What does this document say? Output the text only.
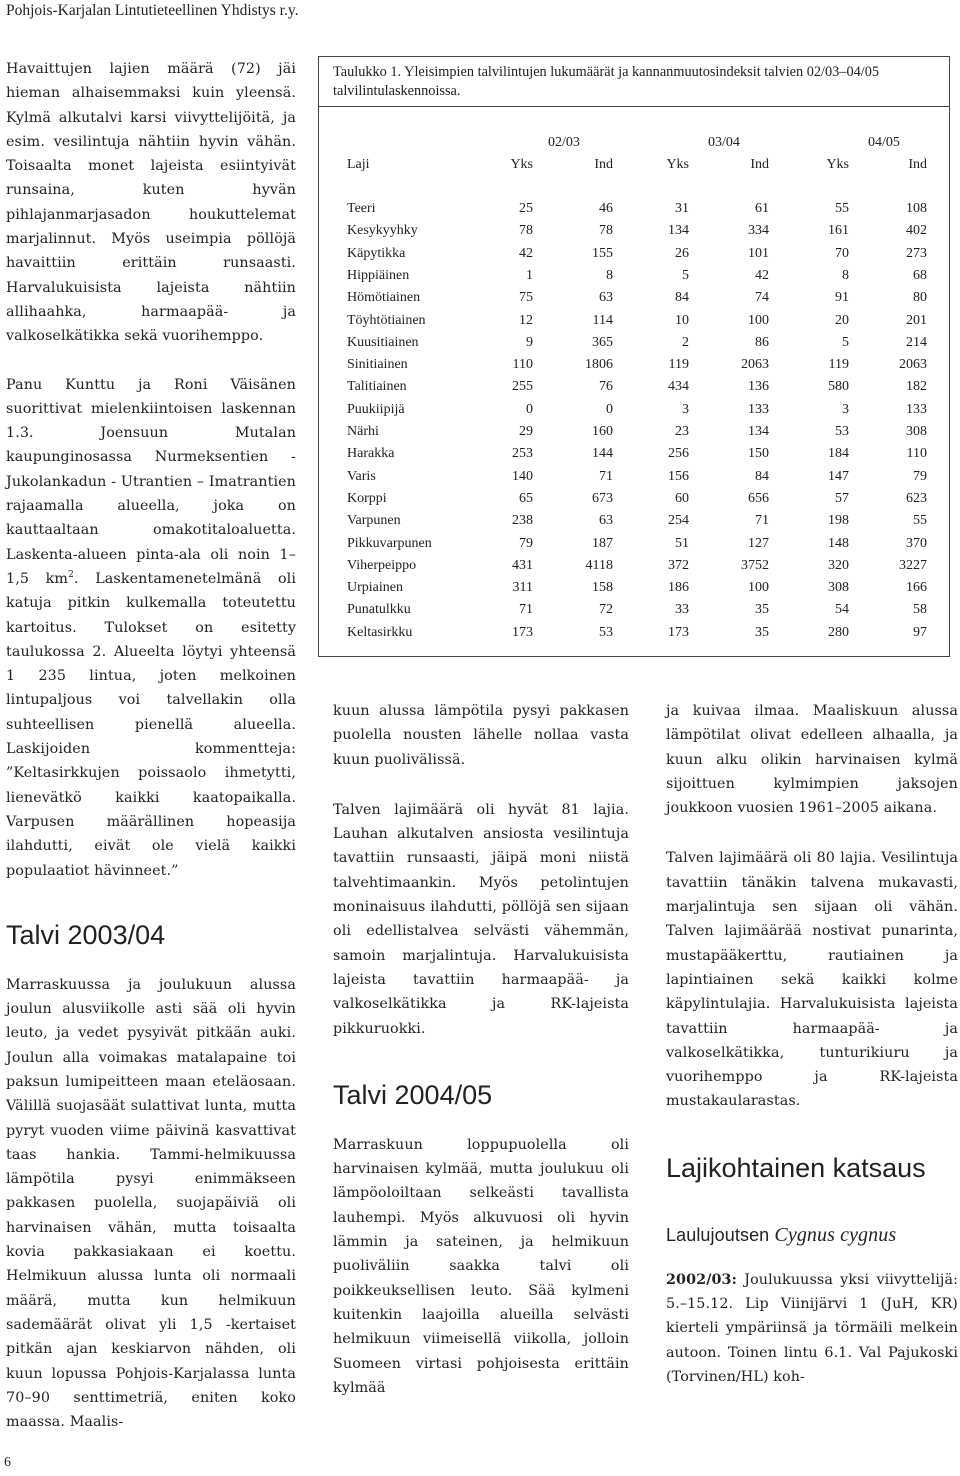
Pohjois-Karjalan Lintutieteellinen Yhdistys r.y.

Havaittujen lajien määrä (72) jäi hieman alhaisemmaksi kuin yleensä. Kylmä alkutalvi karsi viivyttelijöitä, ja esim. vesilintuja nähtiin hyvin vähän. Toisaalta monet lajeista esiintyivät runsaina, kuten hyvän pihlajanmarjasadon houkuttelemat marjalinnut. Myös useimpia pöllöjä havaittiin erittäin runsaasti. Harvalukuisista lajeista nähtiin allihaahka, harmaapää- ja valkoselkätikka sekä vuorihemppo.

Panu Kunttu ja Roni Väisänen suorittivat mielenkiintoisen laskennan 1.3. Joensuun Mutalan kaupunginosassa Nurmeksentien - Jukolankadun - Utrantien – Imatrantien rajaamalla alueella, joka on kauttaaltaan omakotitaloaluetta. Laskenta-alueen pinta-ala oli noin 1–1,5 $km^2$. Laskentamenetelmänä oli katuja pitkin kulkemalla toteutettu kartoitus. Tulokset on esitetty taulukossa 2. Alueelta löytyi yhteensä 1 235 lintua, joten melkoinen lintupaljous voi talvellakin olla suhteellisen pienellä alueella. Laskijoiden kommentteja: ”Keltasirkkujen poissaolo ihmetytti, lienevätkö kaikki kaatopaikalla. Varpusen määrällinen hopeasija ilahdutti, eivät ole vielä kaikki populaatiot hävinneet.”

Talvi 2003/04

Marraskuussa ja joulukuun alussa joulun alusviikolle asti sää oli hyvin leuto, ja vedet pysyivät pitkään auki. Joulun alla voimakas matalapaine toi paksun lumipeitteen maan eteläosaan. Välillä suojasäät sulattivat lunta, mutta pyryt vuoden viime päivinä kasvattivat taas hankia. Tammi-helmikuussa lämpötila pysyi enimmäkseen pakkasen puolella, suojapäiviä oli harvinaisen vähän, mutta toisaalta kovia pakkasiakaan ei koettu. Helmikuun alussa lunta oli normaali määrä, mutta kun helmikuun sademäärät olivat yli 1,5 -kertaiset pitkän ajan keskiarvon nähden, oli kuun lopussa Pohjois-Karjalassa lunta 70–90 senttimetriä, eniten koko maassa. Maalis-

Taulukko 1. Yleisimpien talvilintujen lukumäärät ja kannanmuutosindeksit talvien 02/03–04/05 talvilintulaskennoissa.
02/03	03/04	04/05
Laji	Yks	Ind	Yks	Ind	Yks	Ind
Teeri	25	46	31	61	55	108
Kesykyyhky	78	78	134	334	161	402
Käpytikka	42	155	26	101	70	273
Hippiäinen	1	8	5	42	8	68
Hömötiainen	75	63	84	74	91	80
Töyhtötiainen	12	114	10	100	20	201
Kuusitiainen	9	365	2	86	5	214
Sinitiainen	110	1806	119	2063	119	2063
Talitiainen	255	76	434	136	580	182
Puukiipijä	0	0	3	133	3	133
Närhi	29	160	23	134	53	308
Harakka	253	144	256	150	184	110
Varis	140	71	156	84	147	79
Korppi	65	673	60	656	57	623
Varpunen	238	63	254	71	198	55
Pikkuvarpunen	79	187	51	127	148	370
Viherpeippo	431	4118	372	3752	320	3227
Urpiainen	311	158	186	100	308	166
Punatulkku	71	72	33	35	54	58
Keltasirkku	173	53	173	35	280	97

kuun alussa lämpötila pysyi pakkasen puolella nousten lähelle nollaa vasta kuun puolivälissä.

Talven lajimäärä oli hyvät 81 lajia. Lauhan alkutalven ansiosta vesilintuja tavattiin runsaasti, jäipä moni niistä talvehtimaankin. Myös petolintujen moninaisuus ilahdutti, pöllöjä sen sijaan oli edellistalvea selvästi vähemmän, samoin marjalintuja. Harvalukuisista lajeista tavattiin harmaapää- ja valkoselkätikka ja RK-lajeista pikkuruokki.

Talvi 2004/05

Marraskuun loppupuolella oli harvinaisen kylmää, mutta joulukuu oli lämpöoloiltaan selkeästi tavallista lauhempi. Myös alkuvuosi oli hyvin lämmin ja sateinen, ja helmikuun puoliväliin saakka talvi oli poikkeuksellisen leuto. Sää kylmeni kuitenkin laajoilla alueilla selvästi helmikuun viimeisellä viikolla, jolloin Suomeen virtasi pohjoisesta erittäin kylmää

ja kuivaa ilmaa. Maaliskuun alussa lämpötilat olivat edelleen alhaalla, ja kuun alku olikin harvinaisen kylmä sijoittuen kylmimpien jaksojen joukkoon vuosien 1961–2005 aikana.

Talven lajimäärä oli 80 lajia. Vesilintuja tavattiin tänäkin talvena mukavasti, marjalintuja sen sijaan oli vähän. Talven lajimäärää nostivat punarinta, mustapääkerttu, rautiainen ja lapintiainen sekä kaikki kolme käpylintulajia. Harvalukuisista lajeista tavattiin harmaapää- ja valkoselkätikka, tunturikiuru ja vuorihemppo ja RK-lajeista mustakaularastas.

Lajikohtainen katsaus
Laulujoutsen Cygnus cygnus

2002/03: Joulukuussa yksi viivyttelijä: 5.–15.12. Lip Viinijärvi 1 (JuH, KR) kierteli ympäriinsä ja törmäili melkein autoon. Toinen lintu 6.1. Val Pajukoski (Torvinen/HL) koh-

6
